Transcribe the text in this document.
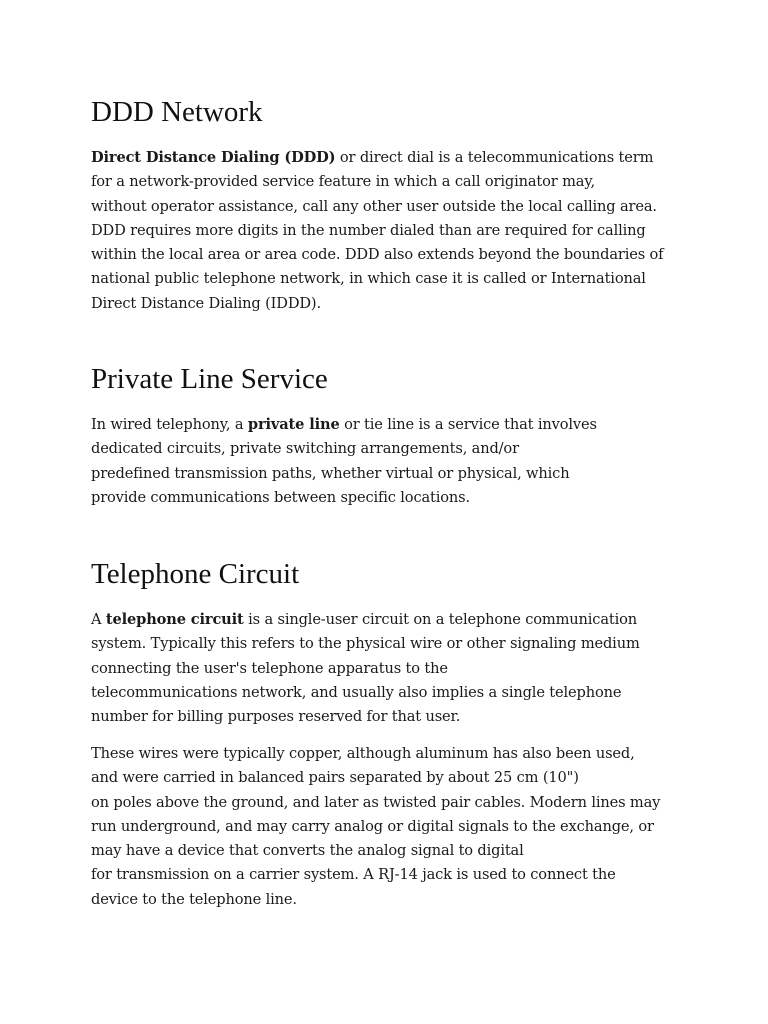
DDD Network

Direct Distance Dialing (DDD) or direct dial is a telecommunications term
for a network-provided service feature in which a call originator may,
without operator assistance, call any other user outside the local calling area.
DDD requires more digits in the number dialed than are required for calling
within the local area or area code. DDD also extends beyond the boundaries of
national public telephone network, in which case it is called or International
Direct Distance Dialing (IDDD).

Private Line Service

In wired telephony, a private line or tie line is a service that involves
dedicated circuits, private switching arrangements, and/or
predefined transmission paths, whether virtual or physical, which
provide communications between specific locations.

Telephone Circuit

A telephone circuit is a single-user circuit on a telephone communication
system. Typically this refers to the physical wire or other signaling medium
connecting the user's telephone apparatus to the
telecommunications network, and usually also implies a single telephone
number for billing purposes reserved for that user.

These wires were typically copper, although aluminum has also been used,
and were carried in balanced pairs separated by about 25 cm (10")
on poles above the ground, and later as twisted pair cables. Modern lines may
run underground, and may carry analog or digital signals to the exchange, or
may have a device that converts the analog signal to digital
for transmission on a carrier system. A RJ-14 jack is used to connect the
device to the telephone line.
